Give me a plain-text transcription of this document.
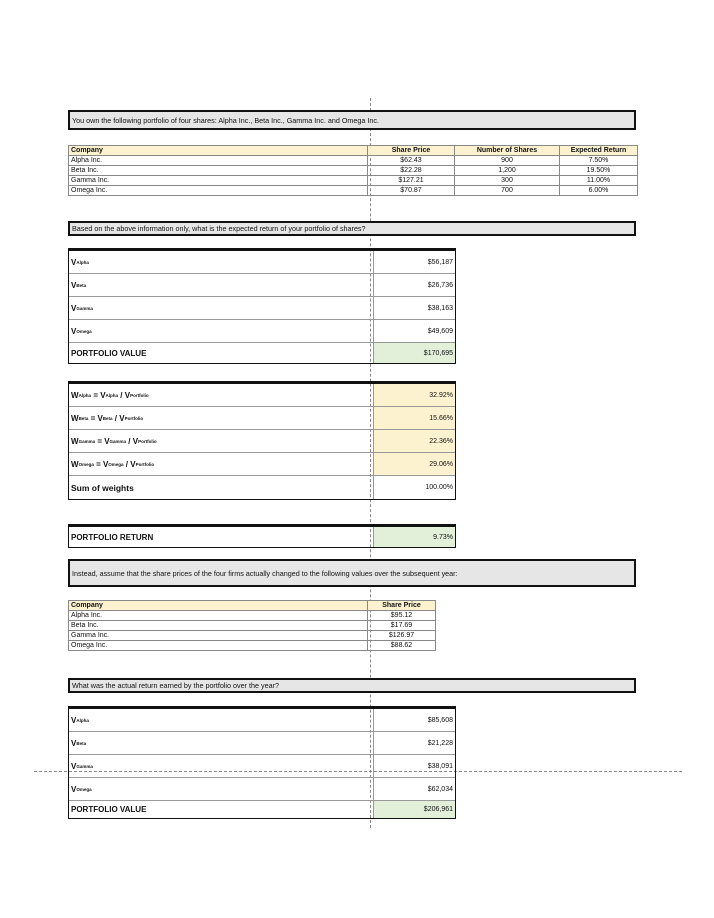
You own the following portfolio of four shares: Alpha Inc., Beta Inc., Gamma Inc. and Omega Inc.
Company	Share Price	Number of Shares	Expected Return
Alpha Inc.	$62.43	900	7.50%
Beta Inc.	$22.28	1,200	19.50%
Gamma Inc.	$127.21	300	11.00%
Omega Inc.	$70.87	700	6.00%
Based on the above information only, what is the expected return of your portfolio of shares?
V Alpha	$56,187
V Beta	$26,736
V Gamma	$38,163
V Omega	$49,609
PORTFOLIO VALUE	$170,695
W Alpha
= V Alpha
/ V Portfolio	32.92%
W Beta
= V Beta
/ V Portfolio	15.66%
W Gamma
= V Gamma
/ V Portfolio	22.36%
W Omega
= V Omega
/ V Portfolio	29.06%
Sum of weights	100.00%
PORTFOLIO RETURN	9.73%
Instead, assume that the share prices of the four firms actually changed to the following values over the subsequent year:
Company	Share Price
Alpha Inc.	$95.12
Beta Inc.	$17.69
Gamma Inc.	$126.97
Omega Inc.	$88.62
What was the actual return earned by the portfolio over the year?
V Alpha	$85,608
V Beta	$21,228
V Gamma	$38,091
V Omega	$62,034
PORTFOLIO VALUE	$206,961
